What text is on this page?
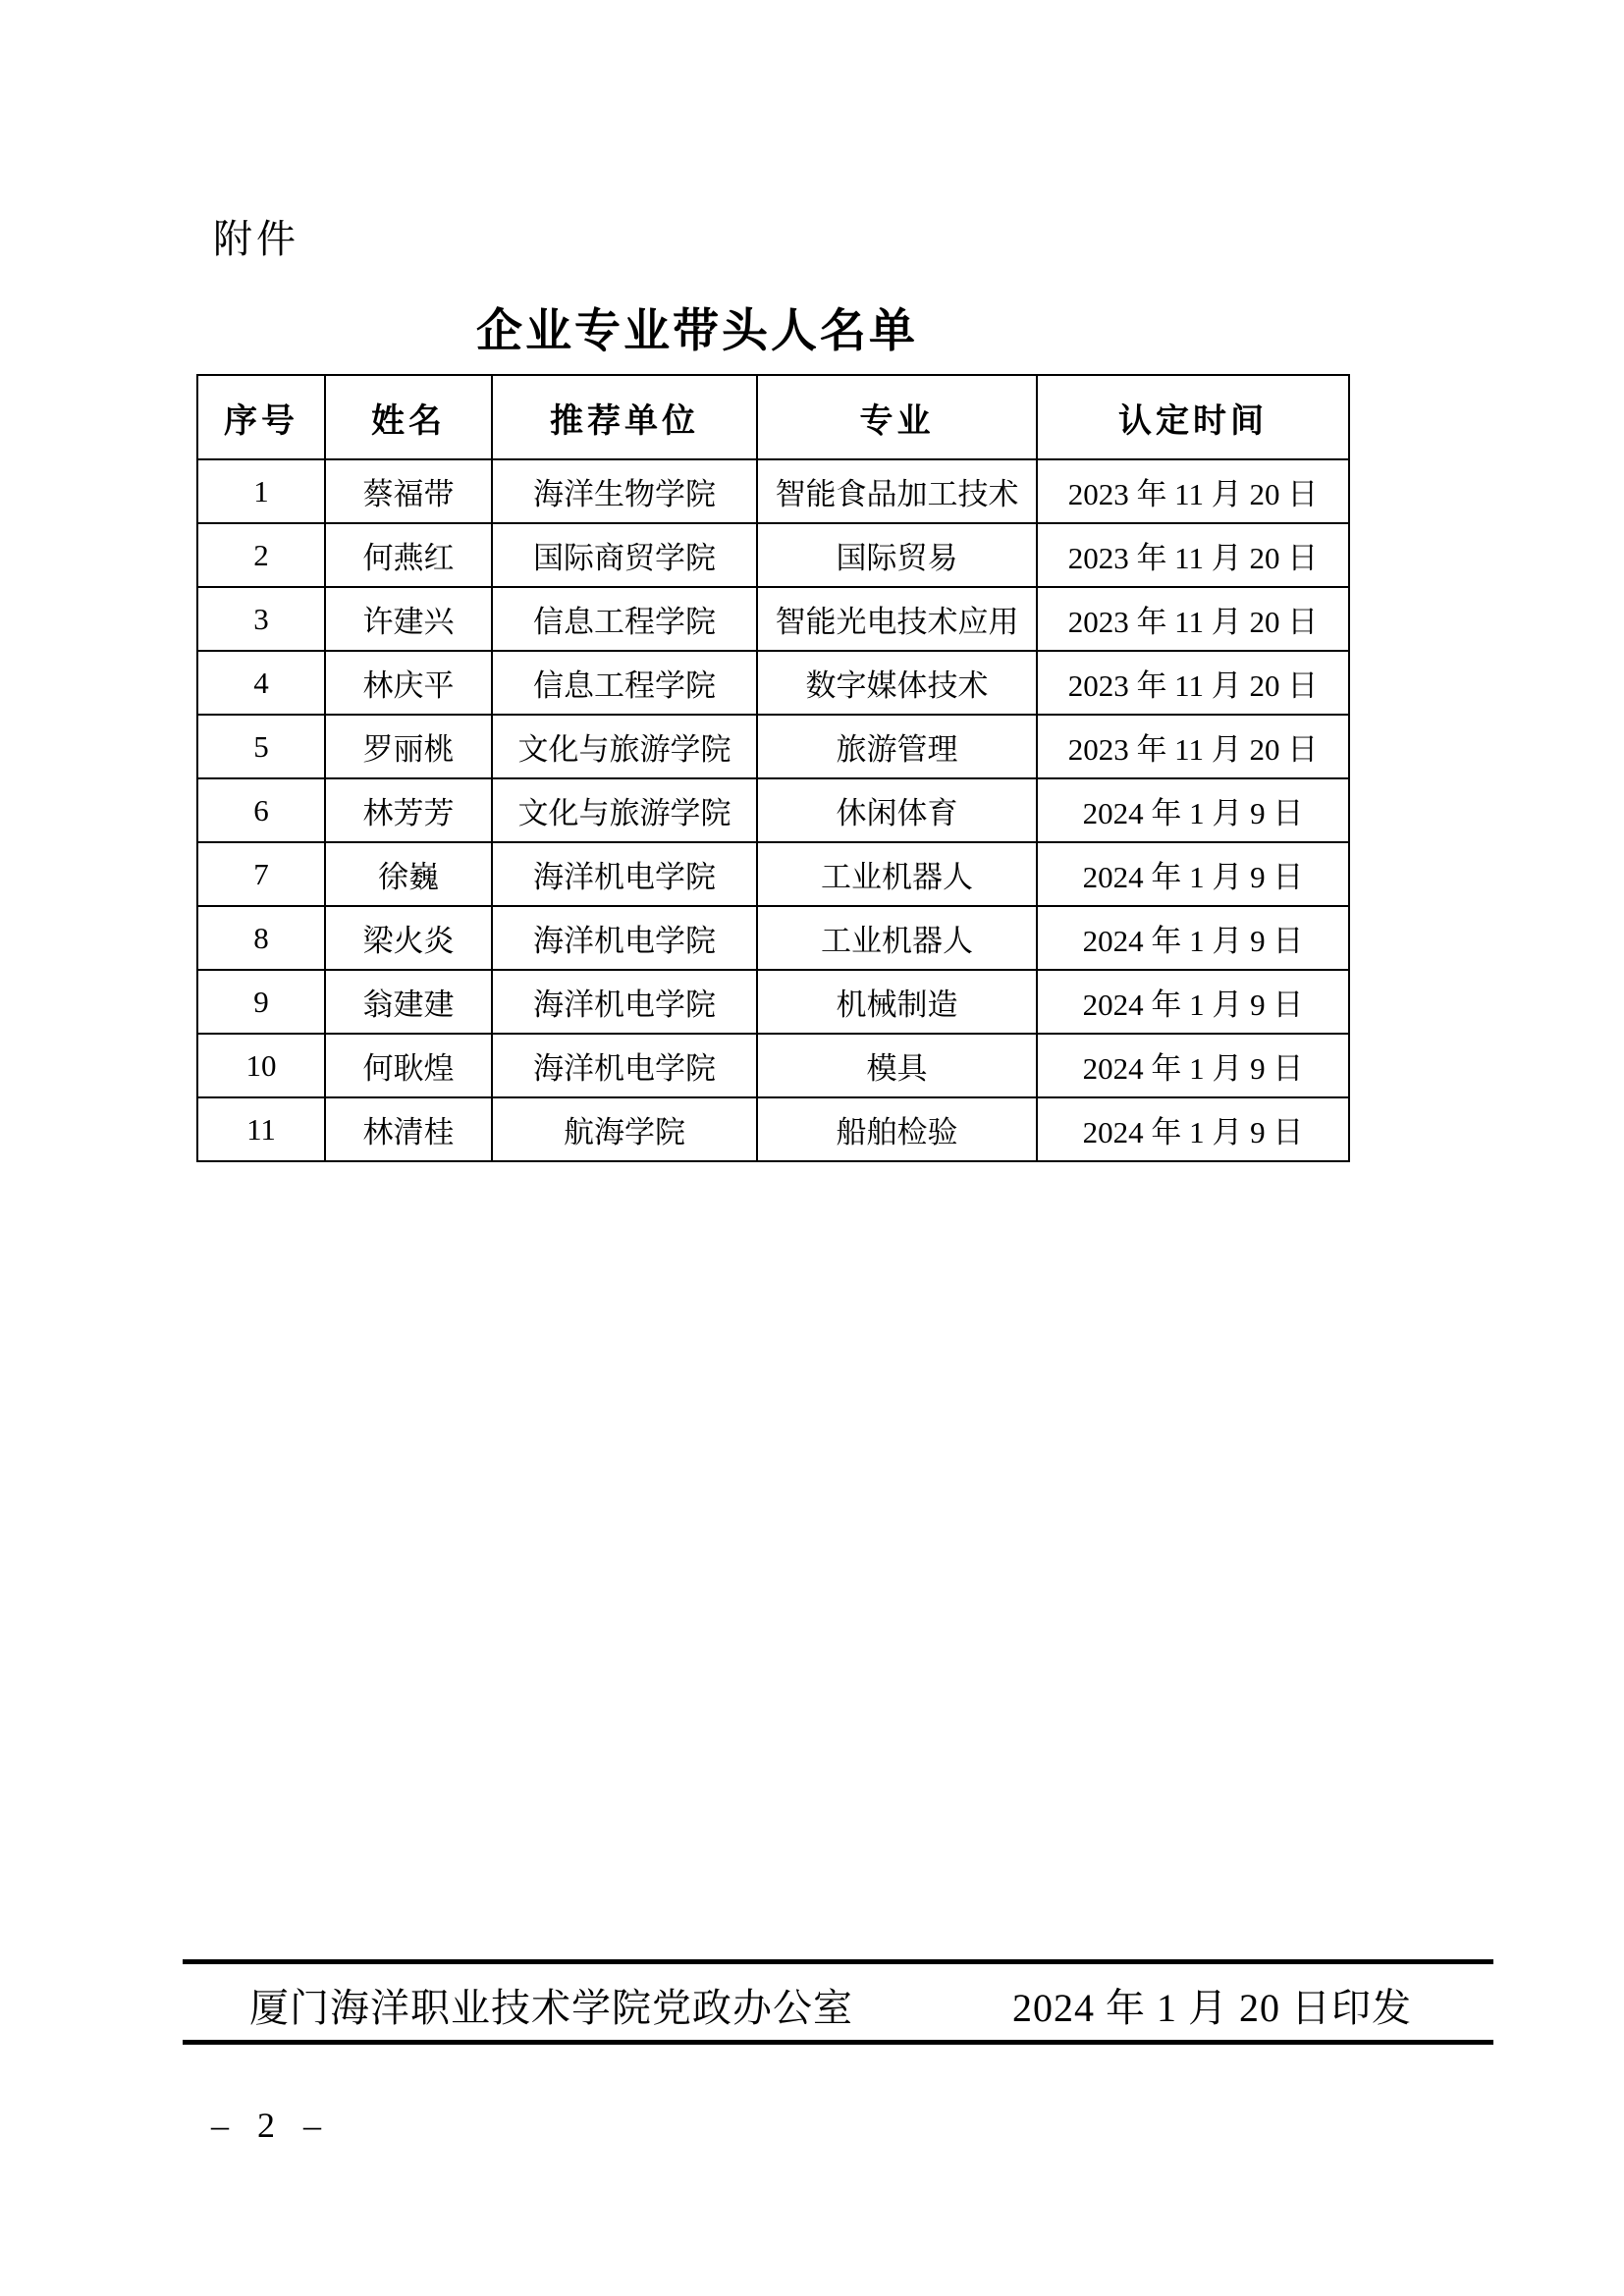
附件
企业专业带头人名单
序号	姓名	推荐单位	专业	认定时间
1	蔡福带	海洋生物学院	智能食品加工技术	2023 年 11 月 20 日
2	何燕红	国际商贸学院	国际贸易	2023 年 11 月 20 日
3	许建兴	信息工程学院	智能光电技术应用	2023 年 11 月 20 日
4	林庆平	信息工程学院	数字媒体技术	2023 年 11 月 20 日
5	罗丽桃	文化与旅游学院	旅游管理	2023 年 11 月 20 日
6	林芳芳	文化与旅游学院	休闲体育	2024 年 1 月 9 日
7	徐巍	海洋机电学院	工业机器人	2024 年 1 月 9 日
8	梁火炎	海洋机电学院	工业机器人	2024 年 1 月 9 日
9	翁建建	海洋机电学院	机械制造	2024 年 1 月 9 日
10	何耿煌	海洋机电学院	模具	2024 年 1 月 9 日
11	林清桂	航海学院	船舶检验	2024 年 1 月 9 日
厦门海洋职业技术学院党政办公室	2024 年 1 月 20 日印发
– 2 –
